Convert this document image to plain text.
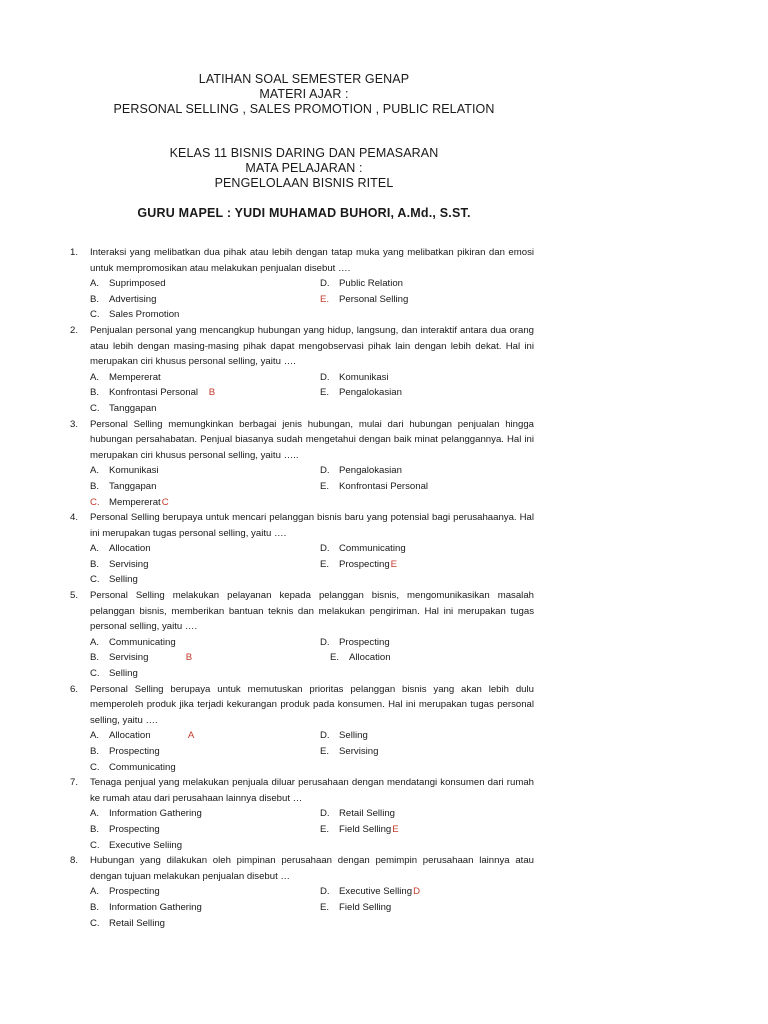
LATIHAN SOAL SEMESTER GENAP
MATERI AJAR :
PERSONAL SELLING , SALES PROMOTION , PUBLIC RELATION
KELAS 11 BISNIS DARING DAN PEMASARAN
MATA PELAJARAN :
PENGELOLAAN BISNIS RITEL
GURU MAPEL : YUDI MUHAMAD BUHORI, A.Md., S.ST.
1. Interaksi yang melibatkan dua pihak atau lebih dengan tatap muka yang melibatkan pikiran dan emosi untuk mempromosikan atau melakukan penjualan disebut ….
A. Suprimposed	D. Public Relation
B. Advertising	E. Personal Selling
C. Sales Promotion
2. Penjualan personal yang mencangkup hubungan yang hidup, langsung, dan interaktif antara dua orang atau lebih dengan masing-masing pihak dapat mengobservasi pihak lain dengan lebih dekat. Hal ini merupakan ciri khusus personal selling, yaitu ….
A. Mempererat	D. Komunikasi
B. Konfrontasi Personal    B	E. Pengalokasian
C. Tanggapan
3. Personal Selling memungkinkan berbagai jenis hubungan, mulai dari hubungan penjualan hingga hubungan persahabatan. Penjual biasanya sudah mengetahui dengan baik minat pelanggannya. Hal ini merupakan ciri khusus personal selling, yaitu …..
A. Komunikasi	D. Pengalokasian
B. Tanggapan	E. Konfrontasi Personal
C. MempereratC
4. Personal Selling berupaya untuk mencari pelanggan bisnis baru yang potensial bagi perusahaanya. Hal ini merupakan tugas personal selling, yaitu ….
A. Allocation	D. Communicating
B. Servising	E. ProspectingE
C. Selling
5. Personal Selling melakukan pelayanan kepada pelanggan bisnis, mengomunikasikan masalah pelanggan bisnis, memberikan bantuan teknis dan melakukan pengiriman. Hal ini merupakan tugas personal selling, yaitu ….
A. Communicating	D. Prospecting
B. Servising              B	E. Allocation
C. Selling
6. Personal Selling berupaya untuk memutuskan prioritas pelanggan bisnis yang akan lebih dulu memperoleh produk jika terjadi kekurangan produk pada konsumen. Hal ini merupakan tugas personal selling, yaitu ….
A. Allocation              A	D. Selling
B. Prospecting	E. Servising
C. Communicating
7. Tenaga penjual yang melakukan penjuala diluar perusahaan dengan mendatangi konsumen dari rumah ke rumah atau dari perusahaan lainnya disebut …
A. Information Gathering	D. Retail Selling
B. Prospecting	E. Field SellingE
C. Executive Seliing
8. Hubungan yang dilakukan oleh pimpinan perusahaan dengan pemimpin perusahaan lainnya atau dengan tujuan melakukan penjualan disebut …
A. Prospecting	D. Executive SellingD
B. Information Gathering	E. Field Selling
C. Retail Selling
